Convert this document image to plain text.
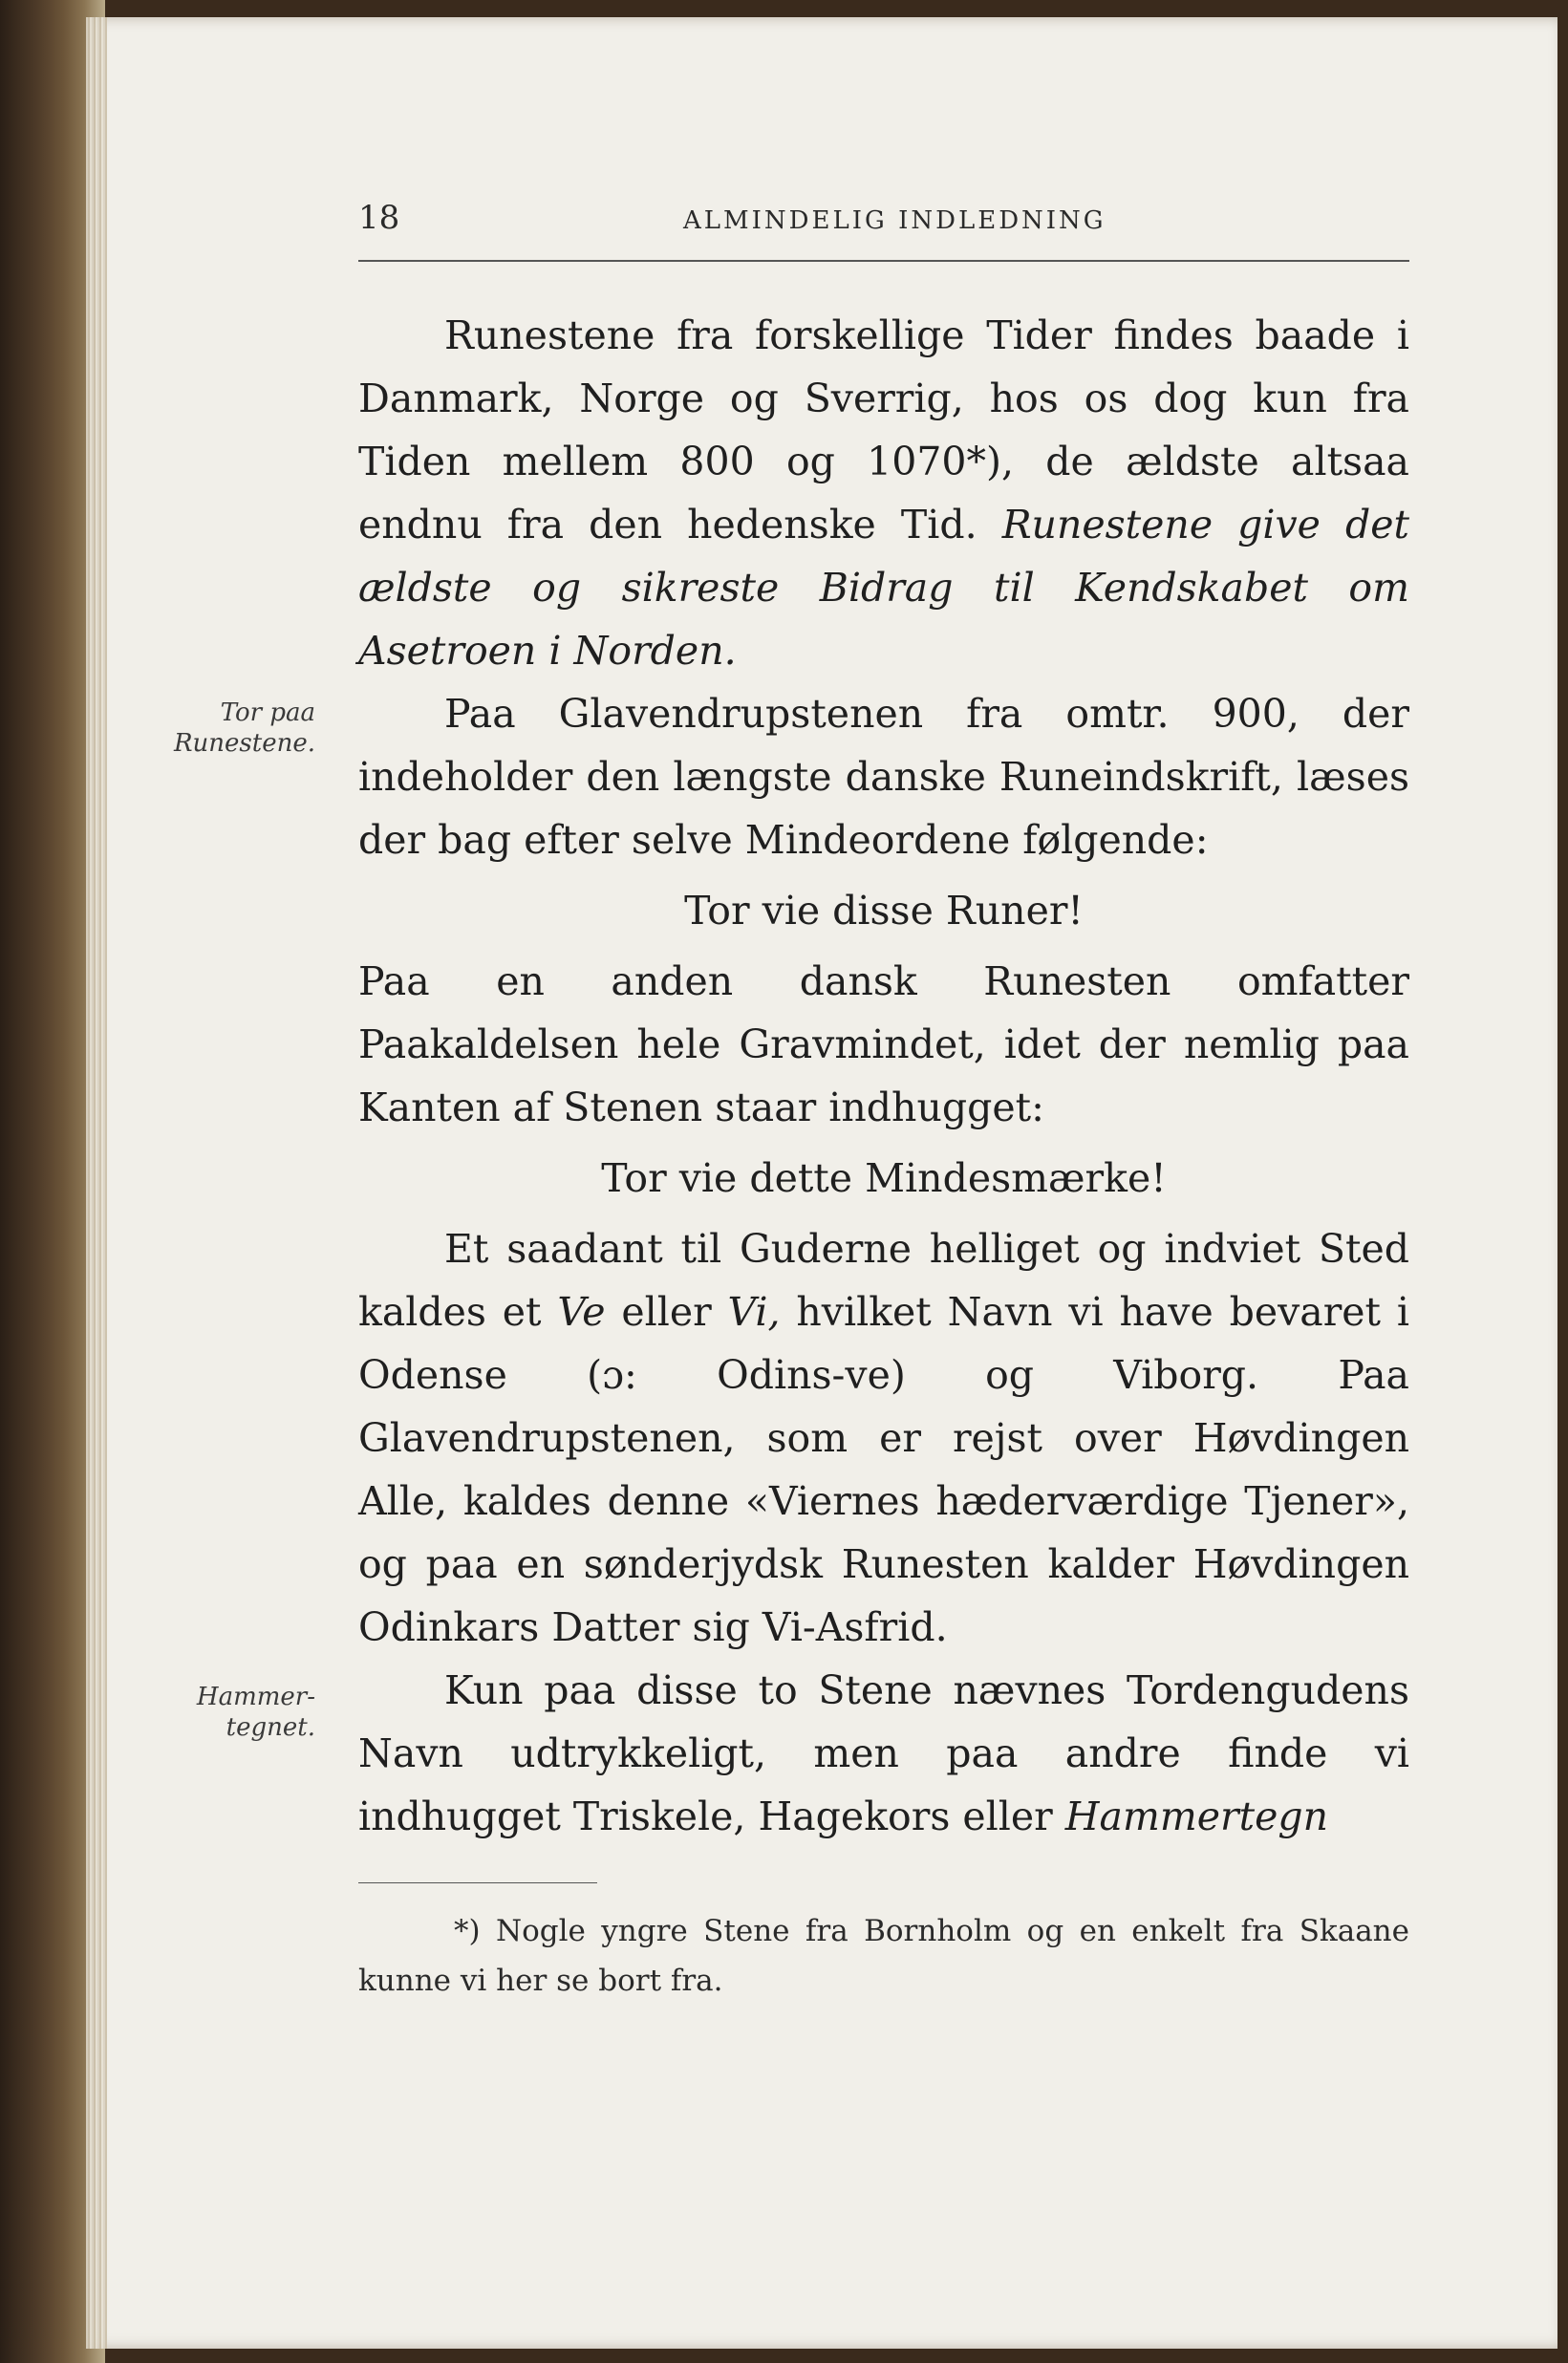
18	ALMINDELIG INDLEDNING
Tor paa Runestene.
Hammer-tegnet.

Runestene fra forskellige Tider findes baade i Danmark, Norge og Sverrig, hos os dog kun fra Tiden mellem 800 og 1070*), de ældste altsaa endnu fra den hedenske Tid. Runestene give det ældste og sikreste Bidrag til Kendskabet om Asetroen i Norden.

Paa Glavendrupstenen fra omtr. 900, der indeholder den længste danske Runeindskrift, læses der bag efter selve Mindeordene følgende:

Tor vie disse Runer!

Paa en anden dansk Runesten omfatter Paakaldelsen hele Gravmindet, idet der nemlig paa Kanten af Stenen staar indhugget:

Tor vie dette Mindesmærke!

Et saadant til Guderne helliget og indviet Sted kaldes et Ve eller Vi, hvilket Navn vi have bevaret i Odense (ɔ: Odins-ve) og Viborg. Paa Glavendrupstenen, som er rejst over Høvdingen Alle, kaldes denne «Viernes hæderværdige Tjener», og paa en sønderjydsk Runesten kalder Høvdingen Odinkars Datter sig Vi-Asfrid.

Kun paa disse to Stene nævnes Tordengudens Navn udtrykkeligt, men paa andre finde vi indhugget Triskele, Hagekors eller Hammertegn

*) Nogle yngre Stene fra Bornholm og en enkelt fra Skaane kunne vi her se bort fra.
